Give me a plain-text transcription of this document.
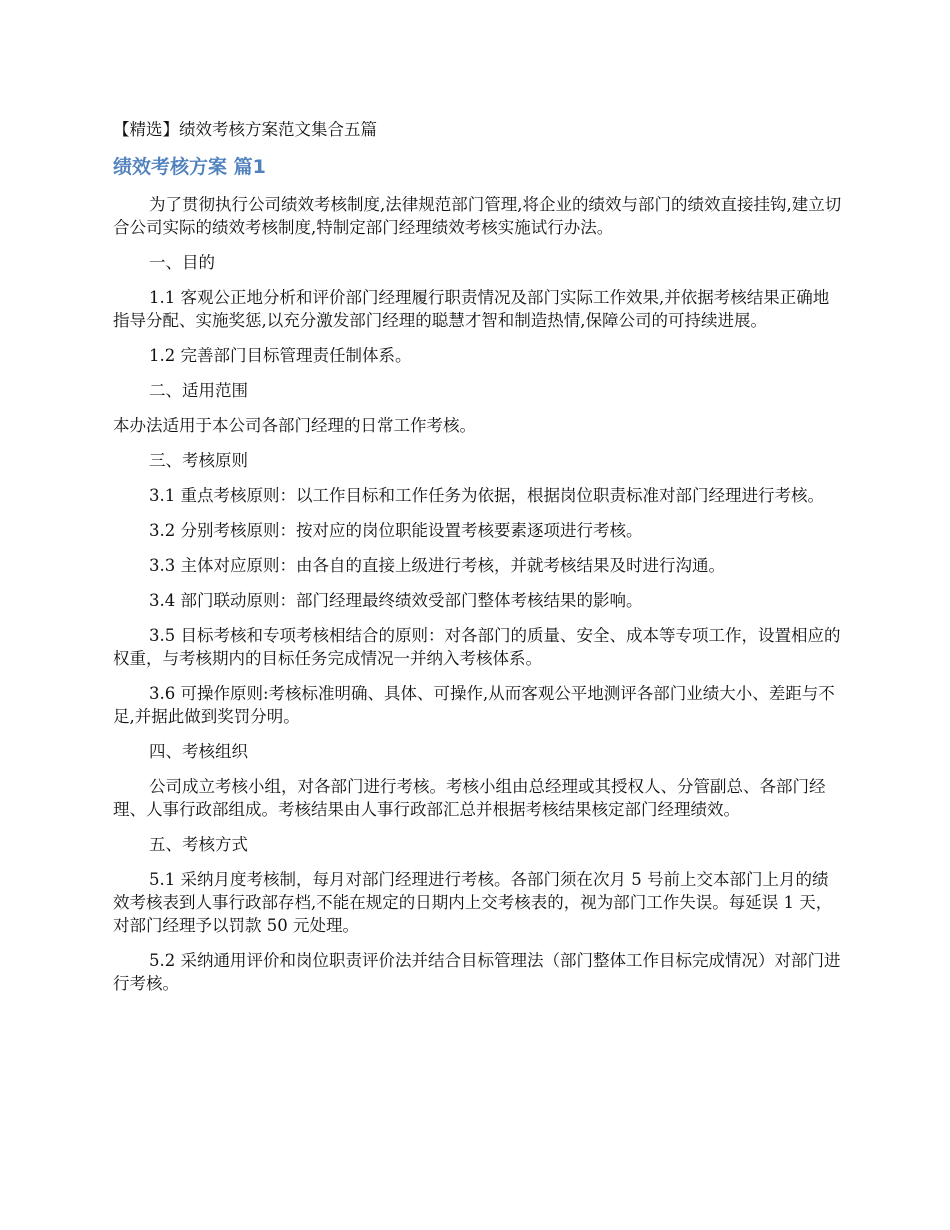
【精选】绩效考核方案范文集合五篇
绩效考核方案 篇1

为了贯彻执行公司绩效考核制度,法律规范部门管理,将企业的绩效与部门的绩效直接挂钩,建立切合公司实际的绩效考核制度,特制定部门经理绩效考核实施试行办法。

一、目的

1.1 客观公正地分析和评价部门经理履行职责情况及部门实际工作效果,并依据考核结果正确地指导分配、实施奖惩,以充分激发部门经理的聪慧才智和制造热情,保障公司的可持续进展。

1.2 完善部门目标管理责任制体系。

二、适用范围

本办法适用于本公司各部门经理的日常工作考核。

三、考核原则

3.1 重点考核原则：以工作目标和工作任务为依据，根据岗位职责标准对部门经理进行考核。

3.2 分别考核原则：按对应的岗位职能设置考核要素逐项进行考核。

3.3 主体对应原则：由各自的直接上级进行考核，并就考核结果及时进行沟通。

3.4 部门联动原则：部门经理最终绩效受部门整体考核结果的影响。

3.5 目标考核和专项考核相结合的原则：对各部门的质量、安全、成本等专项工作，设置相应的权重，与考核期内的目标任务完成情况一并纳入考核体系。

3.6 可操作原则:考核标准明确、具体、可操作,从而客观公平地测评各部门业绩大小、差距与不足,并据此做到奖罚分明。

四、考核组织

公司成立考核小组，对各部门进行考核。考核小组由总经理或其授权人、分管副总、各部门经理、人事行政部组成。考核结果由人事行政部汇总并根据考核结果核定部门经理绩效。

五、考核方式

5.1 采纳月度考核制，每月对部门经理进行考核。各部门须在次月 5 号前上交本部门上月的绩效考核表到人事行政部存档,不能在规定的日期内上交考核表的，视为部门工作失误。每延误 1 天，对部门经理予以罚款 50 元处理。

5.2 采纳通用评价和岗位职责评价法并结合目标管理法（部门整体工作目标完成情况）对部门进行考核。
